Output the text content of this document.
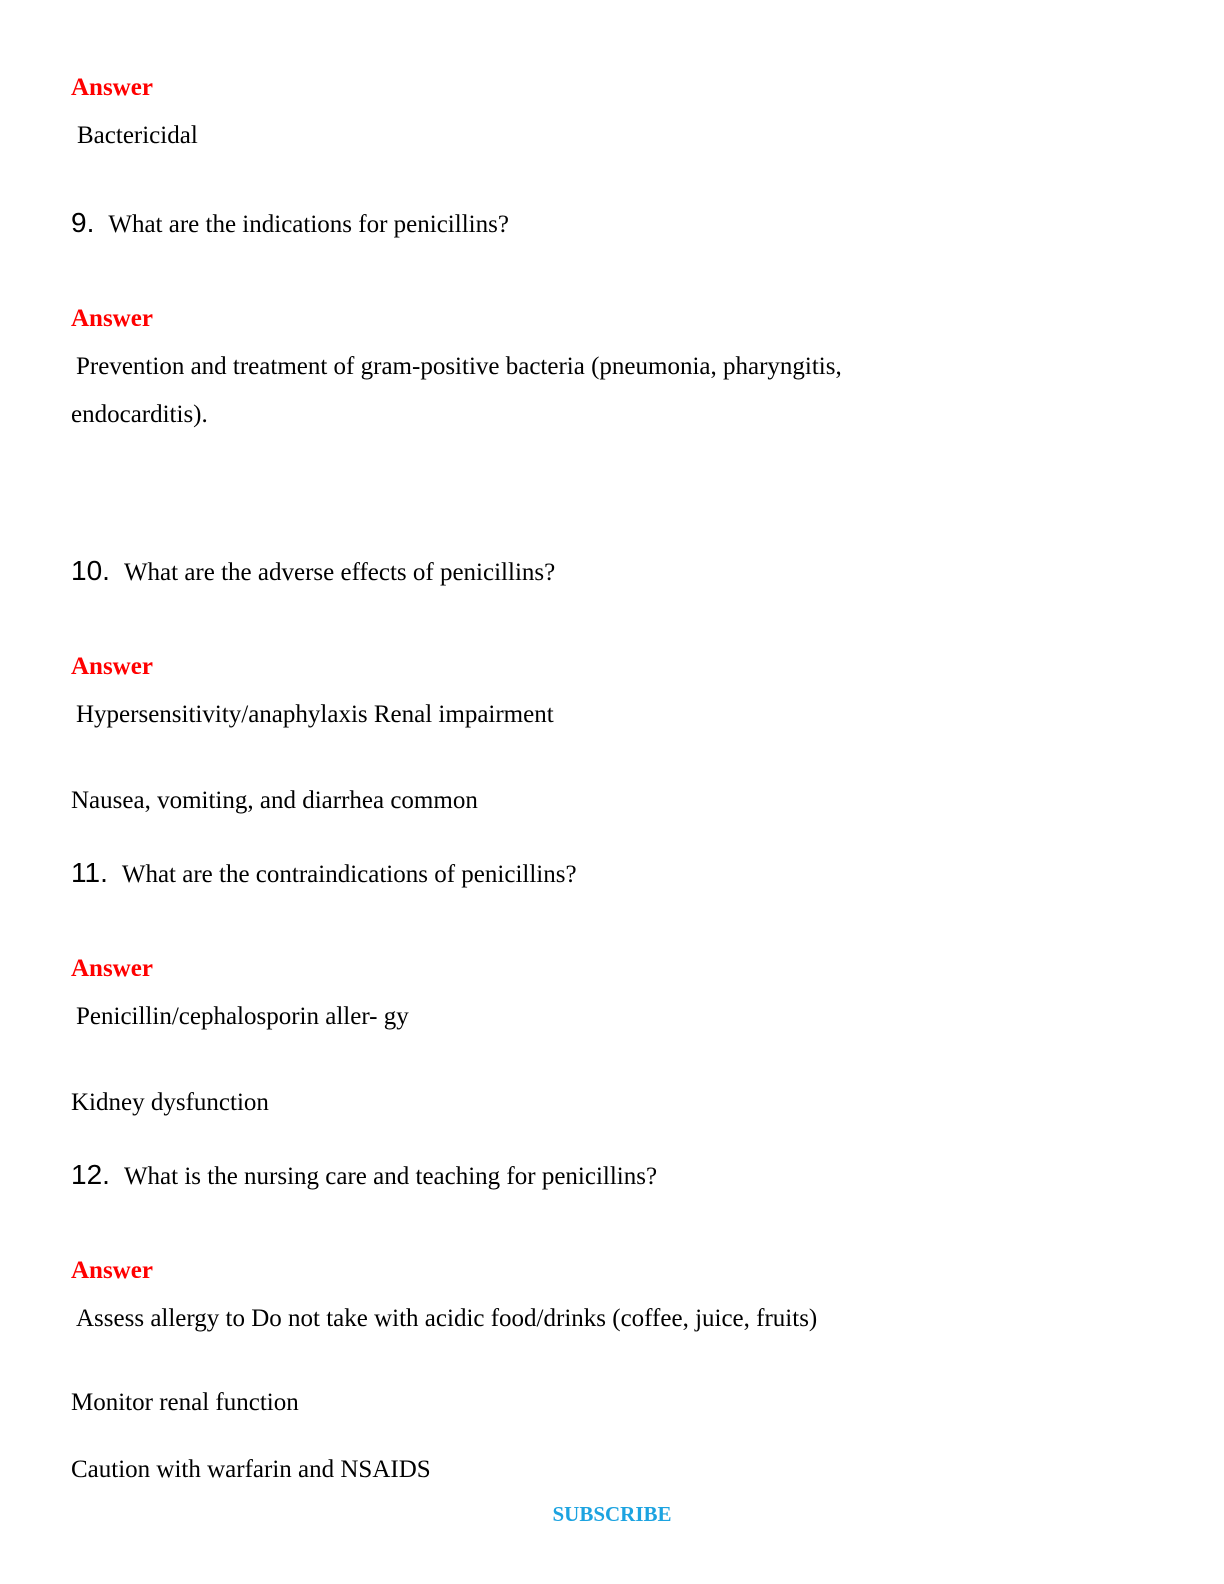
Answer
Bactericidal
9. What are the indications for penicillins?
Answer
Prevention and treatment of gram-positive bacteria (pneumonia, pharyngitis,
endocarditis).
10. What are the adverse effects of penicillins?
Answer
Hypersensitivity/anaphylaxis Renal impairment
Nausea, vomiting, and diarrhea common
11. What are the contraindications of penicillins?
Answer
Penicillin/cephalosporin aller- gy
Kidney dysfunction
12. What is the nursing care and teaching for penicillins?
Answer
Assess allergy to Do not take with acidic food/drinks (coffee, juice, fruits)
Monitor renal function
Caution with warfarin and NSAIDS
SUBSCRIBE
